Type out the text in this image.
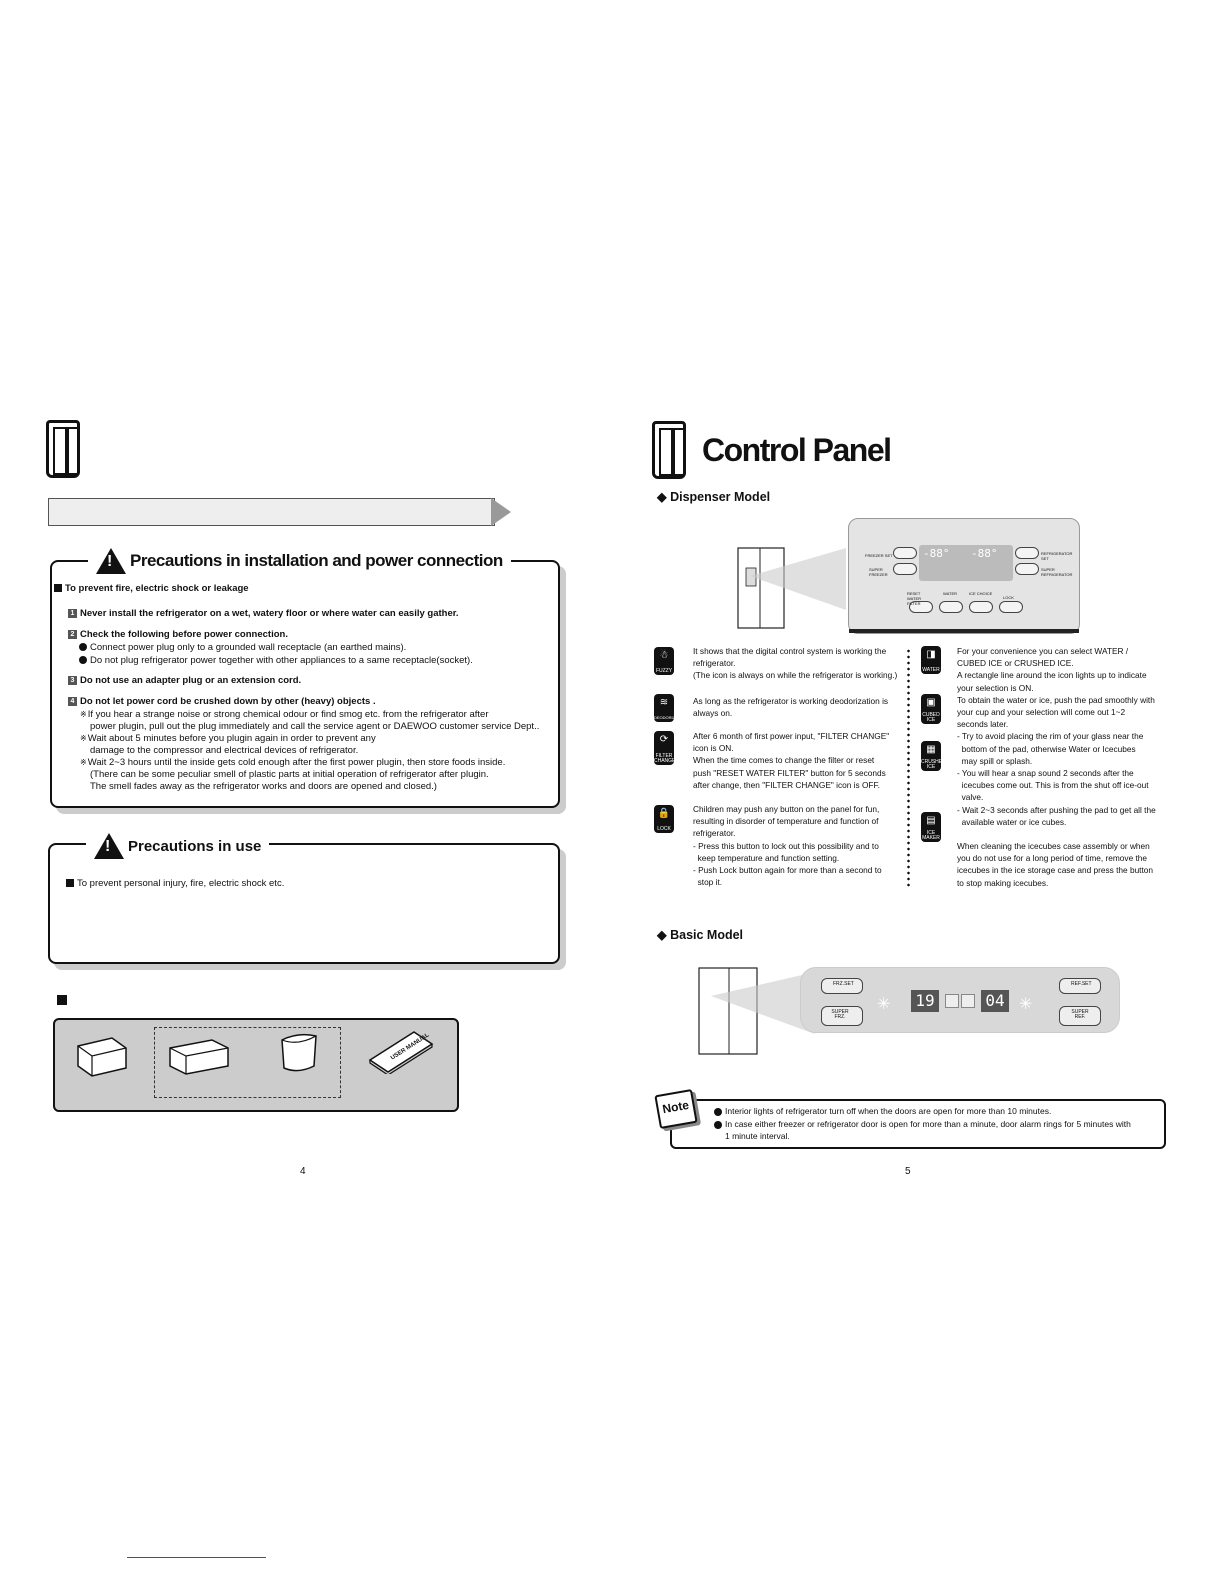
!
Precautions in installation and power connection
To prevent fire, electric shock or leakage
1 Never install the refrigerator on a wet, watery floor or where water can easily gather.
2 Check the following before power connection.
Connect power plug only to a grounded wall receptacle (an earthed mains).
Do not plug refrigerator power together with other appliances to a same receptacle(socket).
3 Do not use an adapter plug or an extension cord.
4 Do not let power cord be crushed down by other (heavy) objects .
※If you hear a strange noise or strong chemical odour or find smog etc. from the refrigerator after
power plugin, pull out the plug immediately and call the service agent or DAEWOO customer service Dept..
※Wait about 5 minutes before you plugin again in order to prevent any
damage to the compressor and electrical devices of refrigerator.
※Wait 2~3 hours until the inside gets cold enough after the first power plugin, then store foods inside.
(There can be some peculiar smell of plastic parts at initial operation of refrigerator after plugin.
The smell fades away as the refrigerator works and doors are opened and closed.)
!
Precautions in use
To prevent personal injury, fire, electric shock etc.
USER MANUAL
4
Control Panel
◆ Dispenser Model
FREEZER SET
SUPER FREEZER
REFRIGERATOR SET
SUPER REFRIGERATOR
-88° -88°
RESET WATER FILTER
WATER	ICE CHOICE
LOCK
☃
FUZZY
It shows that the digital control system is working the
refrigerator.
(The icon is always on while the refrigerator is working.)
≋
DEODORIZATION
As long as the refrigerator is working deodorization is
always on.
⟳
FILTER CHANGE
After 6 month of first power input, "FILTER CHANGE"
icon is ON.
When the time comes to change the filter or reset
push "RESET WATER FILTER" button for 5 seconds
after change, then "FILTER CHANGE" icon is OFF.
🔒
LOCK
Children may push any button on the panel for fun,
resulting in disorder of temperature and function of
refrigerator.
- Press this button to lock out this possibility and to
keep temperature and function setting.
- Push Lock button again for more than a second to
stop it.
◨
WATER
▣
CUBED ICE
▦
CRUSHED ICE
For your convenience you can select WATER /
CUBED ICE or CRUSHED ICE.
A rectangle line around the icon lights up to indicate
your selection is ON.
To obtain the water or ice, push the pad smoothly with
your cup and your selection will come out 1~2
seconds later.
- Try to avoid placing the rim of your glass near the
bottom of the pad, otherwise Water or Icecubes
may spill or splash.
- You will hear a snap sound 2 seconds after the
icecubes come out. This is from the shut off ice-out
valve.
- Wait 2~3 seconds after pushing the pad to get all the
available water or ice cubes.
▤
ICE MAKER
When cleaning the icecubes case assembly or when
you do not use for a long period of time, remove the
icecubes in the ice storage case and press the button
to stop making icecubes.
◆ Basic Model
FRZ.SET
SUPER FRZ.
REF.SET
SUPER REF.
✳ 19	04 ✳
Note	Interior lights of refrigerator turn off when the doors are open for more than 10 minutes.
In case either freezer or refrigerator door is open for more than a minute, door alarm rings for 5 minutes with
1 minute interval.
5
